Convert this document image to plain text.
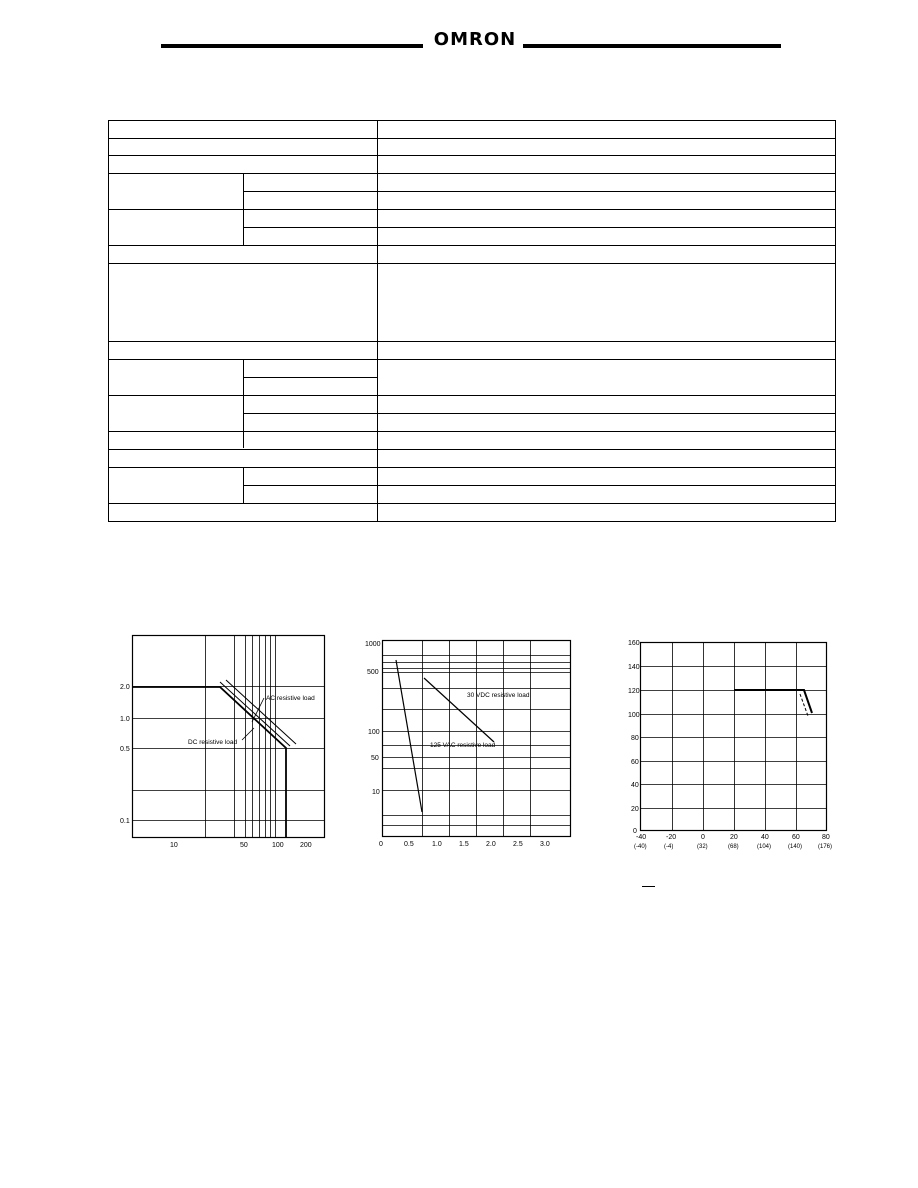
OMRON
2.0
1.0
0.5
0.1
10	50	100 200
AC resistive load
DC resistive load
1000
500
100
50
10
0	0.5	1.0 1.5 2.0 2.5 3.0
30 VDC resistive load
125 VAC resistive load
160
140
120
100
80
60
40
20
0
-40	-20	0	20	40	60	80
(-40)	(-4)	(32)	(68)	(104)	(140)	(176)
